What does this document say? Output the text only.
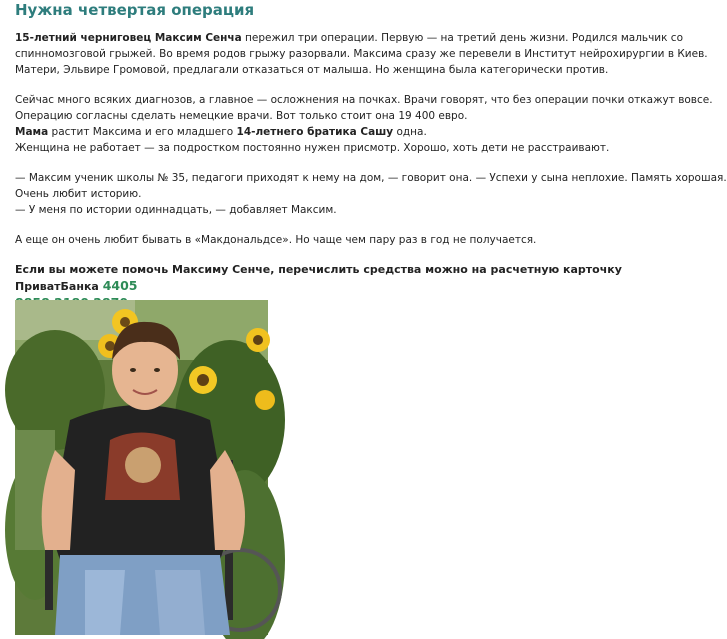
Нужна четвертая операция

15-летний черниговец Максим Сенча пережил три операции. Первую — на третий день жизни. Родился мальчик со
спинномозговой грыжей. Во время родов грыжу разорвали. Максима сразу же перевели в Институт нейрохирургии в Киев.
Матери, Эльвире Громовой, предлагали отказаться от малыша. Но женщина была категорически против.

Сейчас много всяких диагнозов, а главное — осложнения на почках. Врачи говорят, что без операции почки откажут вовсе.
Операцию согласны сделать немецкие врачи. Вот только стоит она 19 400 евро.
Мама растит Максима и его младшего 14-летнего братика Сашу одна.
Женщина не работает — за подростком постоянно нужен присмотр. Хорошо, хоть дети не расстраивают.

— Максим ученик школы № 35, педагоги приходят к нему на дом, — говорит она. — Успехи у сына неплохие. Память хорошая.
Очень любит историю.
— У меня по истории одиннадцать, — добавляет Максим.

А еще он очень любит бывать в «Макдональдсе». Но чаще чем пару раз в год не получается.

Если вы можете помочь Максиму Сенче, перечислить средства можно на расчетную карточку ПриватБанка 4405
